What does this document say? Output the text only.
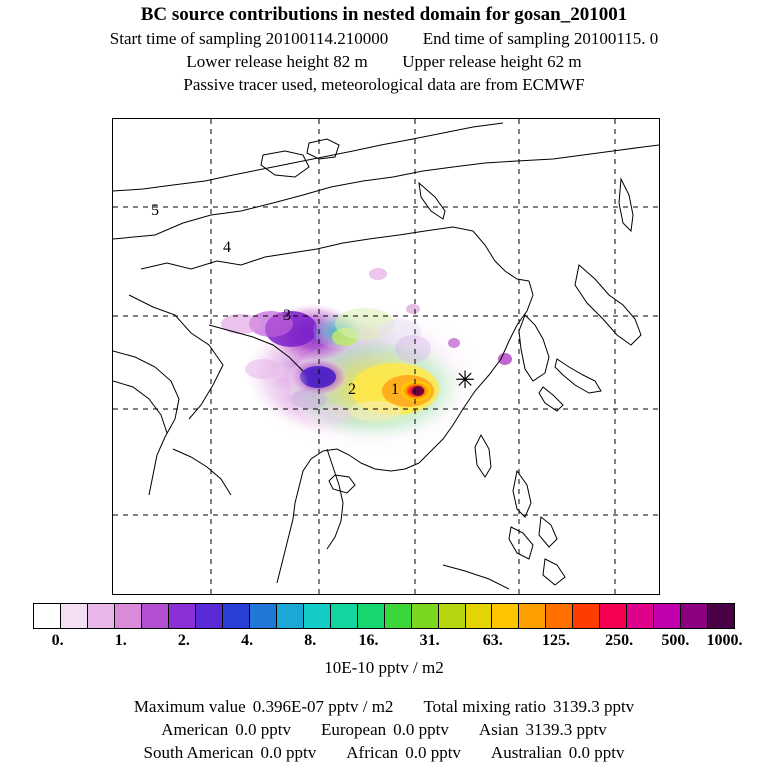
BC source contributions in nested domain for gosan_201001
Start time of sampling 20100114.210000 End time of sampling 20100115. 0
Lower release height 82 m Upper release height 62 m
Passive tracer used, meteorological data are from ECMWF
5
4
3
2 1 ✳
0.	1.	2.	4.	8.	16.	31.	63. 125. 250. 500. 1000.
10E-10 pptv / m2
Maximum value 0.396E-07 pptv / m2 Total mixing ratio 3139.3 pptv
American 0.0 pptv European 0.0 pptv Asian 3139.3 pptv
South American 0.0 pptv African 0.0 pptv Australian 0.0 pptv
